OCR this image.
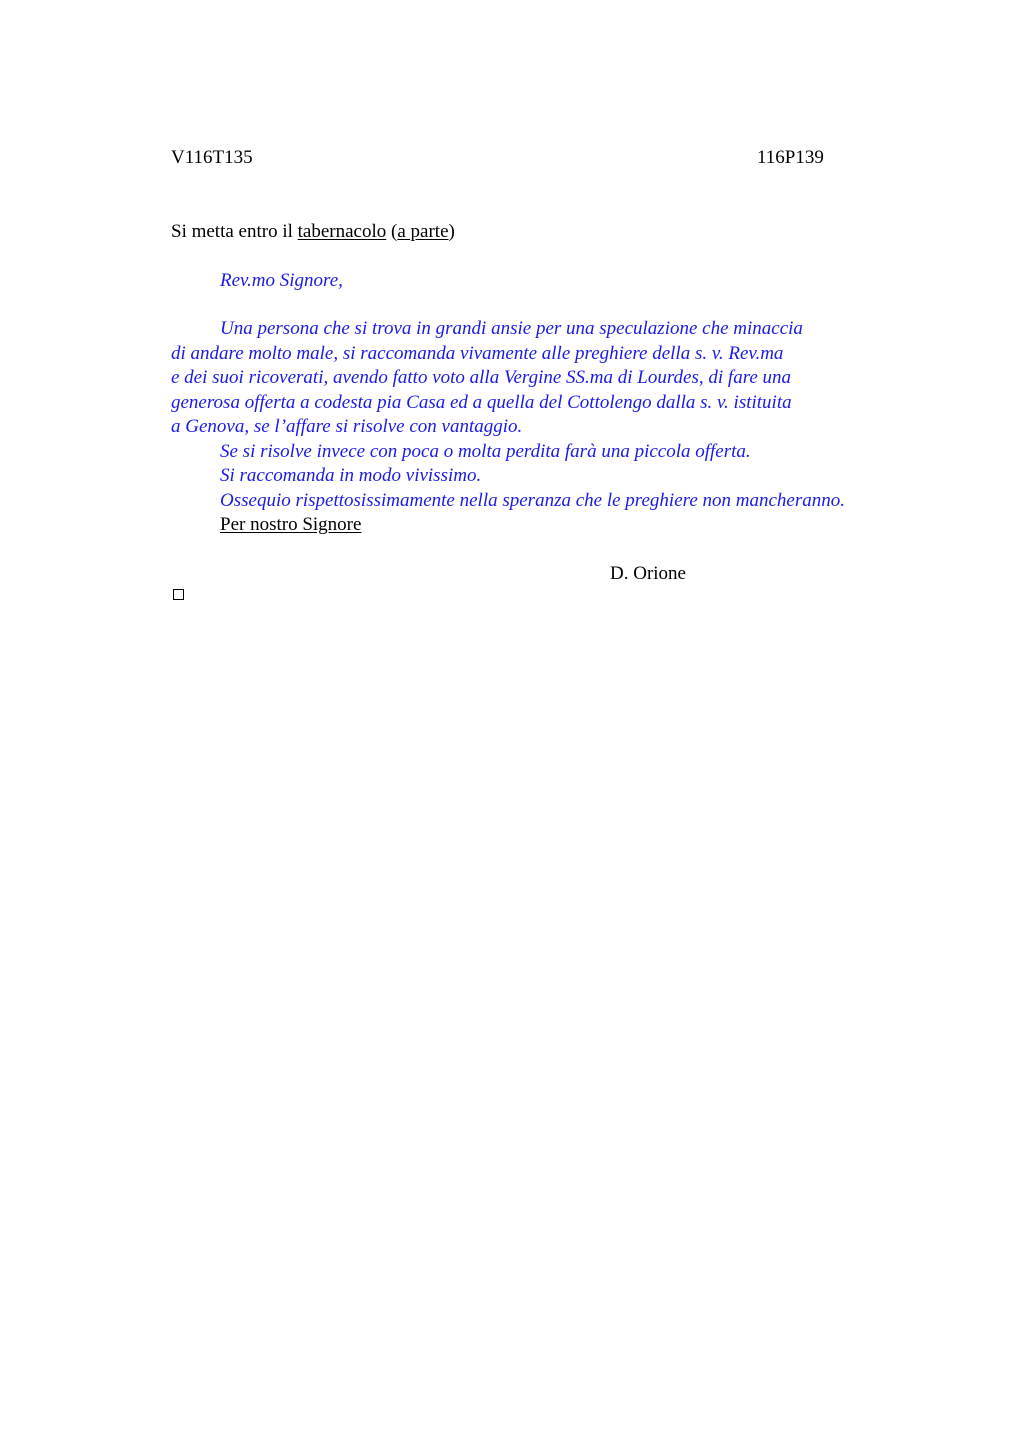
V116T135	116P139
Si metta entro il tabernacolo (a parte)
Rev.mo Signore,
Una persona che si trova in grandi ansie per una speculazione che minaccia
di andare molto male, si raccomanda vivamente alle preghiere della s. v. Rev.ma
e dei suoi ricoverati, avendo fatto voto alla Vergine SS.ma di Lourdes, di fare una
generosa offerta a codesta pia Casa ed a quella del Cottolengo dalla s. v. istituita
a Genova, se l’affare si risolve con vantaggio.
Se si risolve invece con poca o molta perdita farà una piccola offerta.
Si raccomanda in modo vivissimo.
Ossequio rispettosissimamente nella speranza che le preghiere non mancheranno.
Per nostro Signore
D. Orione
